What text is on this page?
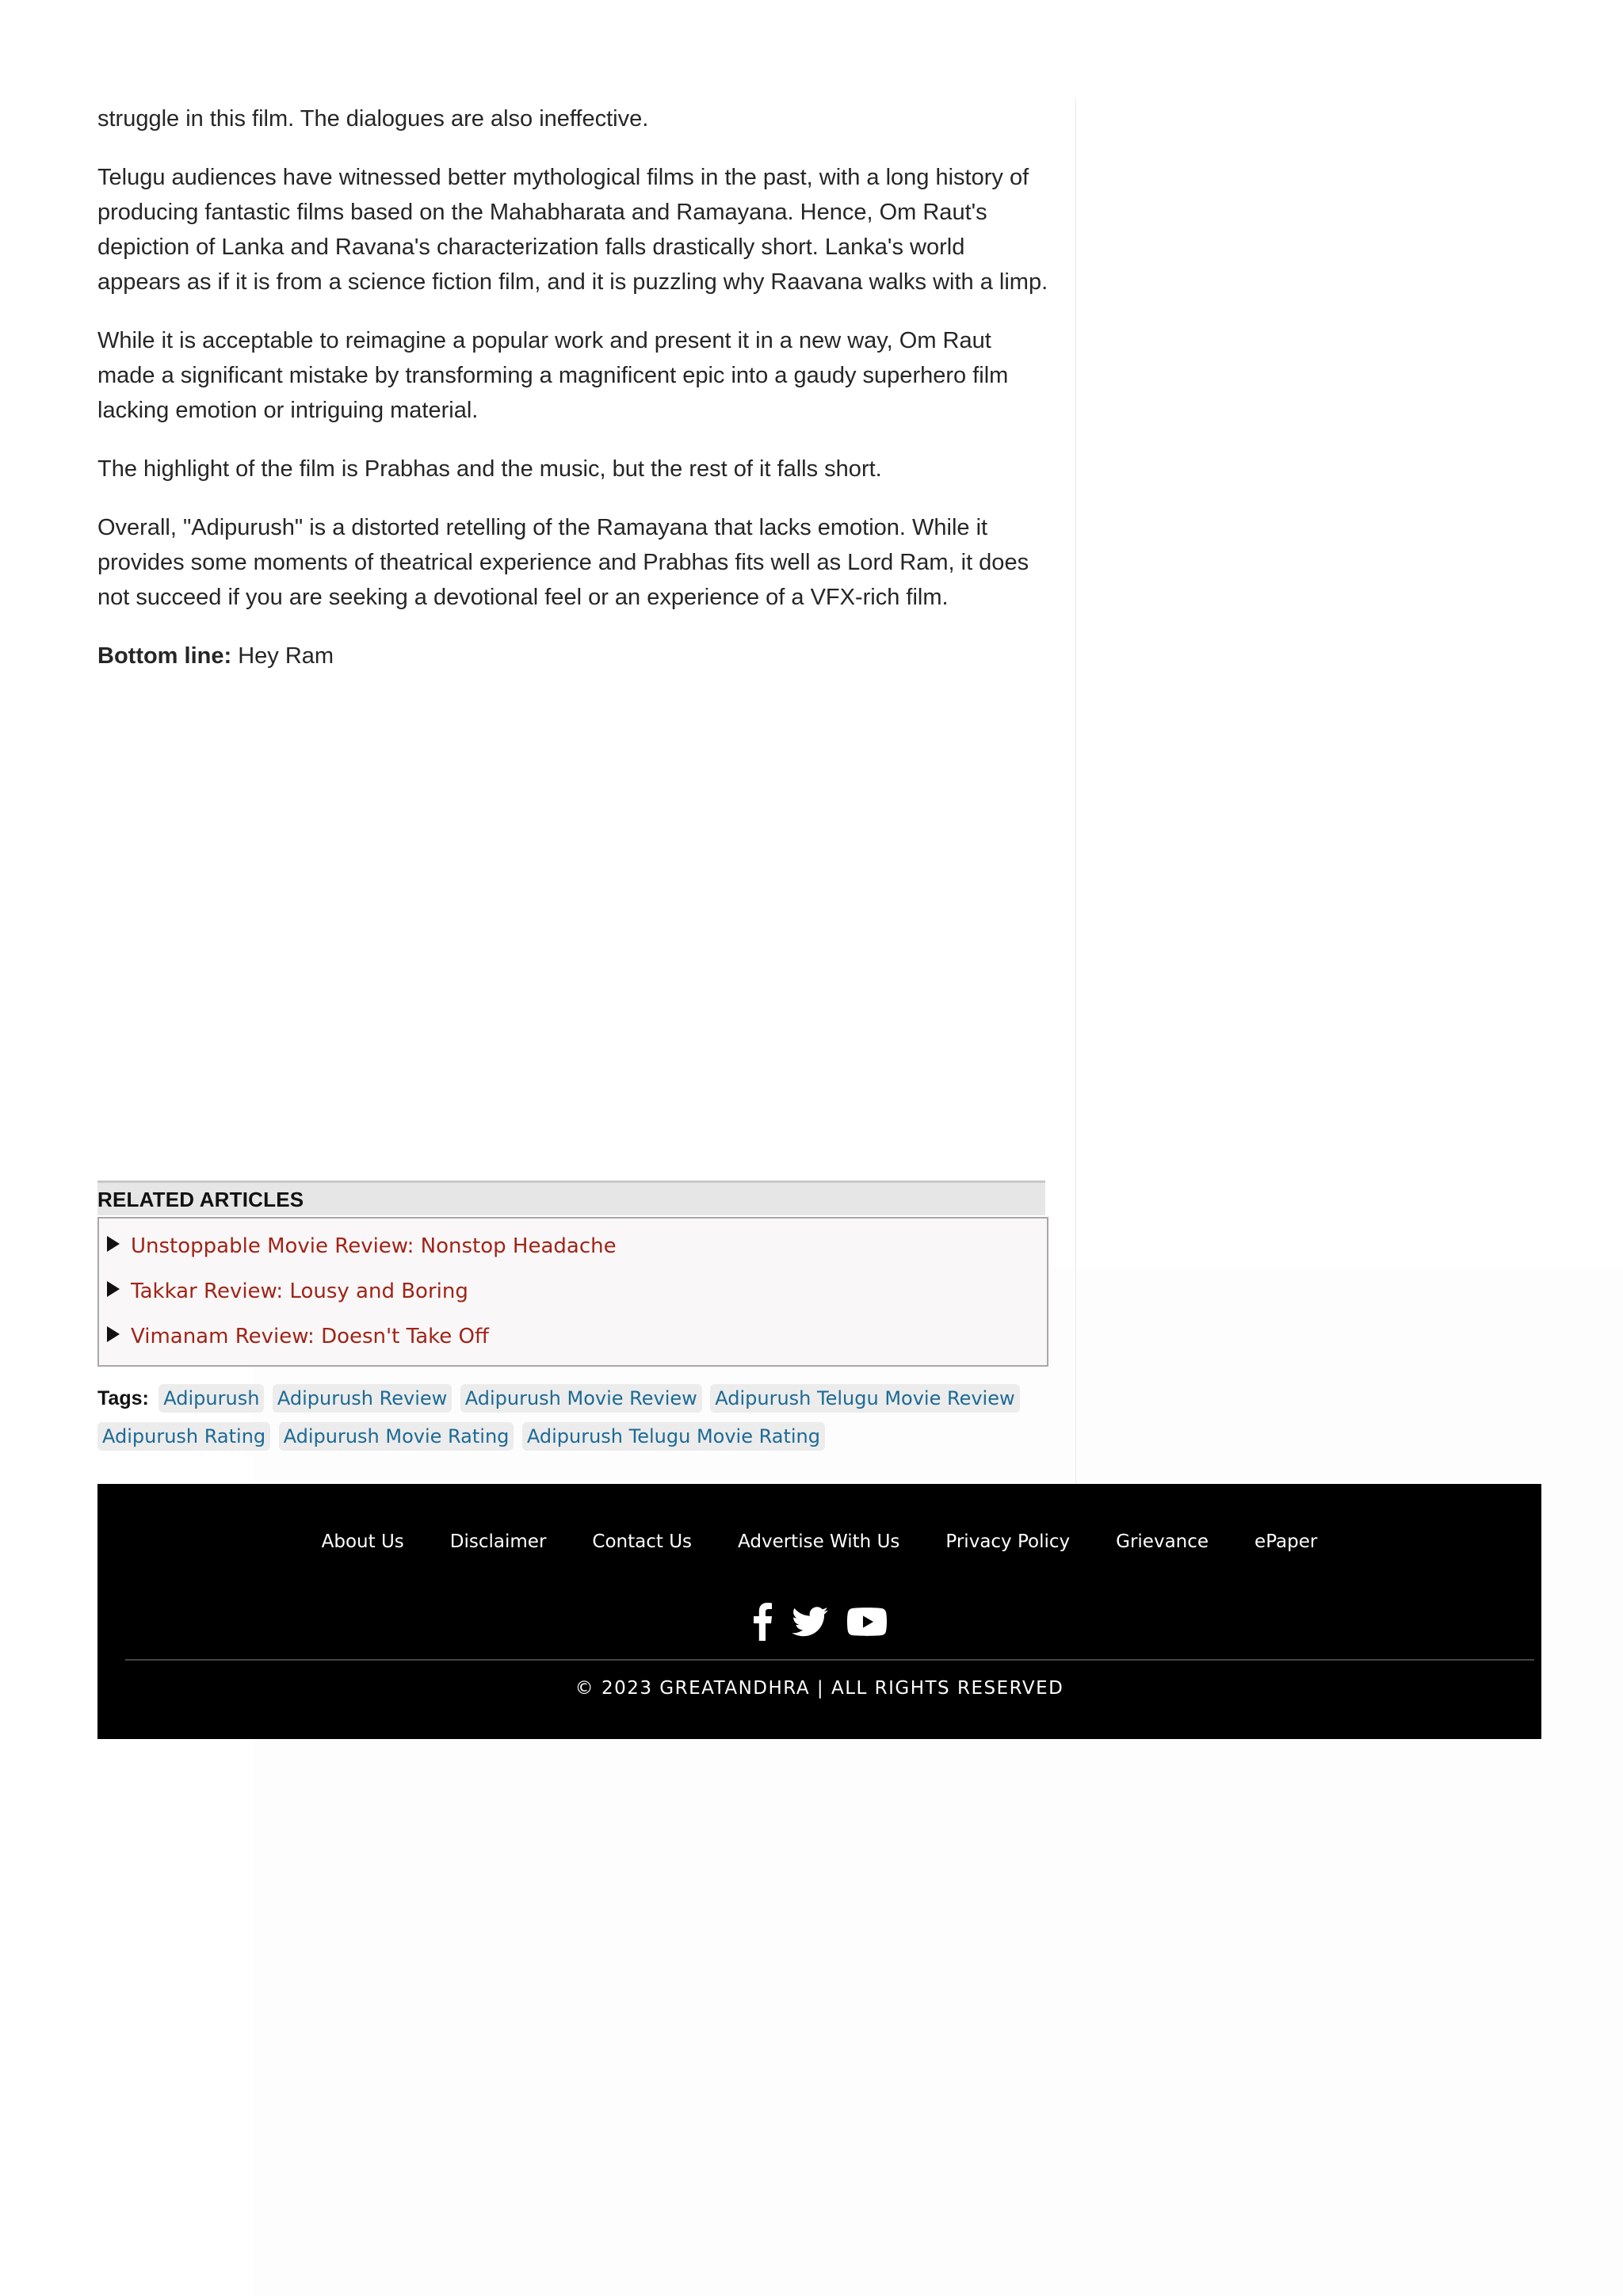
struggle in this film. The dialogues are also ineffective.

Telugu audiences have witnessed better mythological films in the past, with a long history of producing fantastic films based on the Mahabharata and Ramayana. Hence, Om Raut's depiction of Lanka and Ravana's characterization falls drastically short. Lanka's world appears as if it is from a science fiction film, and it is puzzling why Raavana walks with a limp.

While it is acceptable to reimagine a popular work and present it in a new way, Om Raut made a significant mistake by transforming a magnificent epic into a gaudy superhero film lacking emotion or intriguing material.

The highlight of the film is Prabhas and the music, but the rest of it falls short.

Overall, "Adipurush" is a distorted retelling of the Ramayana that lacks emotion. While it provides some moments of theatrical experience and Prabhas fits well as Lord Ram, it does not succeed if you are seeking a devotional feel or an experience of a VFX-rich film.

Bottom line: Hey Ram

RELATED ARTICLES
Unstoppable Movie Review: Nonstop Headache
Takkar Review: Lousy and Boring
Vimanam Review: Doesn't Take Off
Tags: Adipurush Adipurush Review Adipurush Movie Review Adipurush Telugu Movie Review Adipurush Rating Adipurush Movie Rating Adipurush Telugu Movie Rating
About Us	Disclaimer	Contact Us	Advertise With Us	Privacy Policy	Grievance	ePaper
© 2023 GREATANDHRA | ALL RIGHTS RESERVED
